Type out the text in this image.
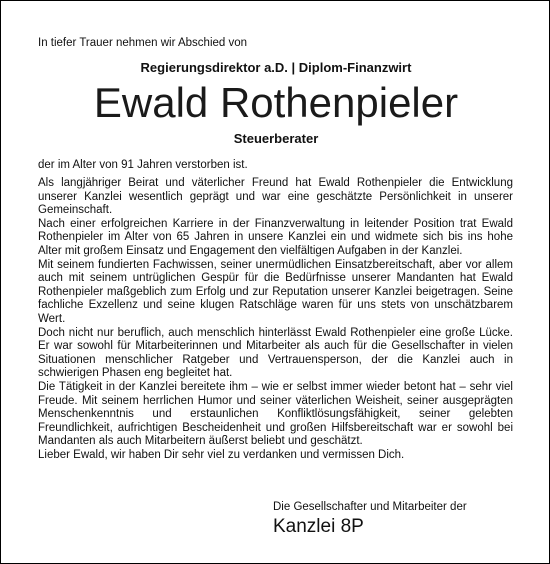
In tiefer Trauer nehmen wir Abschied von
Regierungsdirektor a.D. | Diplom-Finanzwirt
Ewald Rothenpieler
Steuerberater
der im Alter von 91 Jahren verstorben ist.

Als langjähriger Beirat und väterlicher Freund hat Ewald Rothenpieler die Entwicklung unserer Kanzlei wesentlich geprägt und war eine geschätzte Persönlichkeit in unserer Gemeinschaft.

Nach einer erfolgreichen Karriere in der Finanzverwaltung in leitender Position trat Ewald Rothenpieler im Alter von 65 Jahren in unsere Kanzlei ein und widmete sich bis ins hohe Alter mit großem Einsatz und Engagement den vielfältigen Aufgaben in der Kanzlei.

Mit seinem fundierten Fachwissen, seiner unermüdlichen Einsatzbereitschaft, aber vor allem auch mit seinem untrüglichen Gespür für die Bedürfnisse unserer Mandanten hat Ewald Rothenpieler maßgeblich zum Erfolg und zur Reputation unserer Kanzlei beigetragen. Seine fachliche Exzellenz und seine klugen Ratschläge waren für uns stets von unschätzbarem Wert.

Doch nicht nur beruflich, auch menschlich hinterlässt Ewald Rothenpieler eine große Lücke. Er war sowohl für Mitarbeiterinnen und Mitarbeiter als auch für die Gesellschafter in vielen Situationen menschlicher Ratgeber und Vertrauensperson, der die Kanzlei auch in schwierigen Phasen eng begleitet hat.

Die Tätigkeit in der Kanzlei bereitete ihm – wie er selbst immer wieder betont hat – sehr viel Freude. Mit seinem herrlichen Humor und seiner väterlichen Weisheit, seiner ausgeprägten Menschenkenntnis und erstaunlichen Konfliktlösungsfähigkeit, seiner gelebten Freundlichkeit, aufrichtigen Bescheidenheit und großen Hilfsbereitschaft war er sowohl bei Mandanten als auch Mitarbeitern äußerst beliebt und geschätzt.

Lieber Ewald, wir haben Dir sehr viel zu verdanken und vermissen Dich.

Die Gesellschafter und Mitarbeiter der
Kanzlei 8P
